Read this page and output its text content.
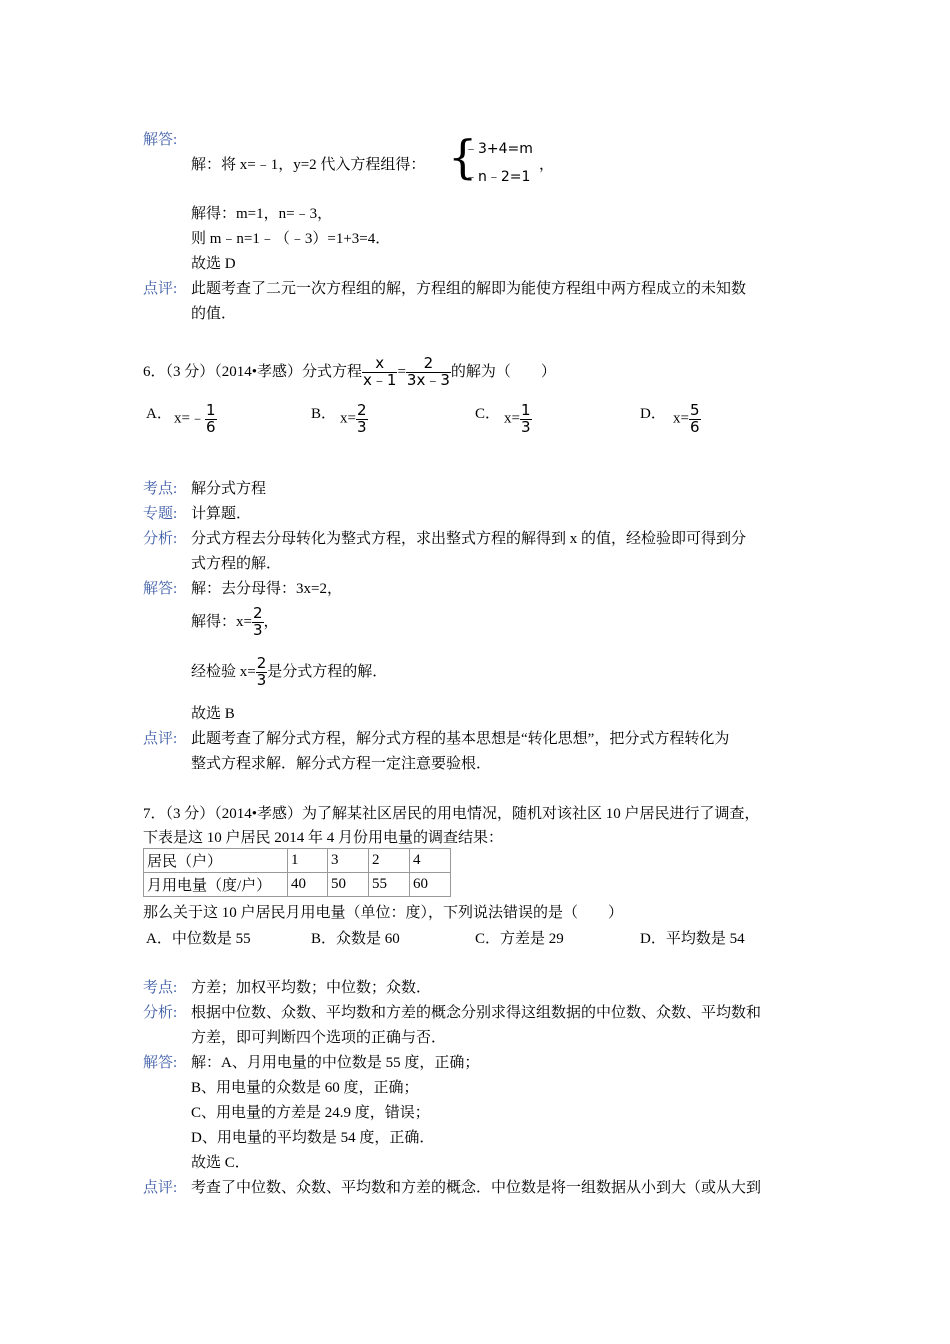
解答:
解：将 x=﹣1，y=2 代入方程组得： {
﹣3+4=m
﹣n﹣2=1
，
解得：m=1，n=﹣3，
则 m﹣n=1﹣（﹣3）=1+3=4．
故选 D
点评: 此题考查了二元一次方程组的解，方程组的解即为能使方程组中两方程成立的未知数
的值．
6．（3 分）（2014•孝感）分式方程 $\frac{x}{x﹣1} = \frac{2}{3x﹣3}$ 的解为（　　）
A． x=﹣ $\frac{1}{6}$	B． $x= \frac{2}{3}$	C． $x= \frac{1}{3}$	D． $x= \frac{5}{6}$
考点: 解分式方程
专题: 计算题．
分析: 分式方程去分母转化为整式方程，求出整式方程的解得到 x 的值，经检验即可得到分
式方程的解．
解答: 解：去分母得：3x=2，
解得：$x= \frac{2}{3}$ ，
经检验 $x= \frac{2}{3}$ 是分式方程的解．
故选 B
点评: 此题考查了解分式方程，解分式方程的基本思想是“转化思想”，把分式方程转化为
整式方程求解．解分式方程一定注意要验根．
7．（3 分）（2014•孝感）为了解某社区居民的用电情况，随机对该社区 10 户居民进行了调查，
下表是这 10 户居民 2014 年 4 月份用电量的调查结果：
居民（户）	1	3	2	4
月用电量（度/户）	40	50	55	60
那么关于这 10 户居民月用电量（单位：度），下列说法错误的是（　　）
A．中位数是 55	B．众数是 60	C．方差是 29	D．平均数是 54
考点: 方差；加权平均数；中位数；众数．
分析: 根据中位数、众数、平均数和方差的概念分别求得这组数据的中位数、众数、平均数和
方差，即可判断四个选项的正确与否．
解答: 解：A、月用电量的中位数是 55 度，正确；
B、用电量的众数是 60 度，正确；
C、用电量的方差是 24.9 度，错误；
D、用电量的平均数是 54 度，正确．
故选 C．
点评: 考查了中位数、众数、平均数和方差的概念．中位数是将一组数据从小到大（或从大到
